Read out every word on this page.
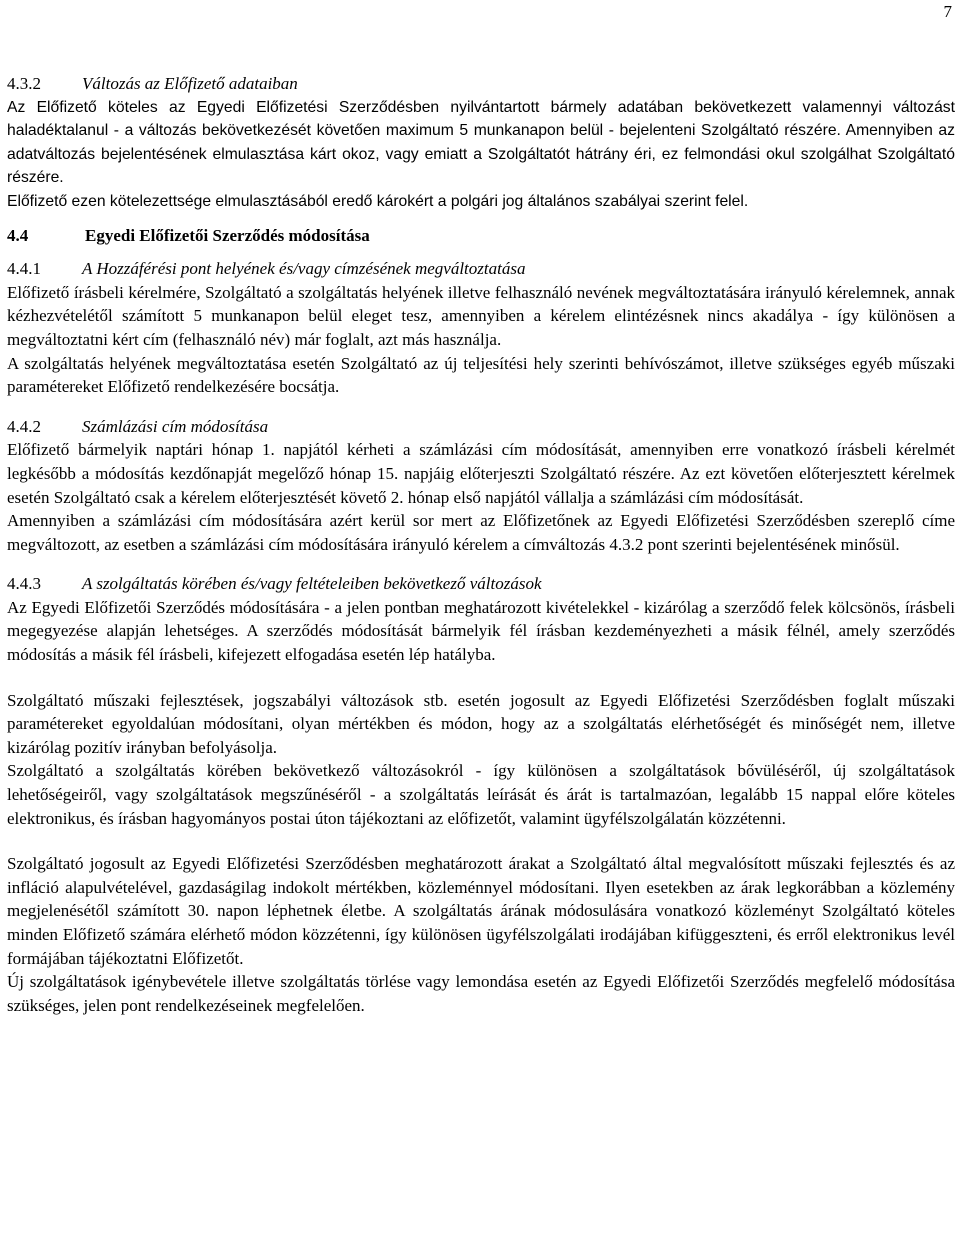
7
4.3.2	Változás az Előfizető adataiban

Az Előfizető köteles az Egyedi Előfizetési Szerződésben nyilvántartott bármely adatában bekövetkezett valamennyi változást haladéktalanul - a változás bekövetkezését követően maximum 5 munkanapon belül - bejelenteni Szolgáltató részére. Amennyiben az adatváltozás bejelentésének elmulasztása kárt okoz, vagy emiatt a Szolgáltatót hátrány éri, ez felmondási okul szolgálhat Szolgáltató részére.

Előfizető ezen kötelezettsége elmulasztásából eredő károkért a polgári jog általános szabályai szerint felel.

4.4	Egyedi Előfizetői Szerződés módosítása
4.4.1	A Hozzáférési pont helyének és/vagy címzésének megváltoztatása

Előfizető írásbeli kérelmére, Szolgáltató a szolgáltatás helyének illetve felhasználó nevének megváltoztatására irányuló kérelemnek, annak kézhezvételétől számított 5 munkanapon belül eleget tesz, amennyiben a kérelem elintézésnek nincs akadálya - így különösen a megváltoztatni kért cím (felhasználó név) már foglalt, azt más használja.

A szolgáltatás helyének megváltoztatása esetén Szolgáltató az új teljesítési hely szerinti behívószámot, illetve szükséges egyéb műszaki paramétereket Előfizető rendelkezésére bocsátja.

4.4.2	Számlázási cím módosítása

Előfizető bármelyik naptári hónap 1. napjától kérheti a számlázási cím módosítását, amennyiben erre vonatkozó írásbeli kérelmét legkésőbb a módosítás kezdőnapját megelőző hónap 15. napjáig előterjeszti Szolgáltató részére. Az ezt követően előterjesztett kérelmek esetén Szolgáltató csak a kérelem előterjesztését követő 2. hónap első napjától vállalja a számlázási cím módosítását.

Amennyiben a számlázási cím módosítására azért kerül sor mert az Előfizetőnek az Egyedi Előfizetési Szerződésben szereplő címe megváltozott, az esetben a számlázási cím módosítására irányuló kérelem a címváltozás 4.3.2 pont szerinti bejelentésének minősül.

4.4.3	A szolgáltatás körében és/vagy feltételeiben bekövetkező változások

Az Egyedi Előfizetői Szerződés módosítására - a jelen pontban meghatározott kivételekkel - kizárólag a szerződő felek kölcsönös, írásbeli megegyezése alapján lehetséges. A szerződés módosítását bármelyik fél írásban kezdeményezheti a másik félnél, amely szerződés módosítás a másik fél írásbeli, kifejezett elfogadása esetén lép hatályba.

Szolgáltató műszaki fejlesztések, jogszabályi változások stb. esetén jogosult az Egyedi Előfizetési Szerződésben foglalt műszaki paramétereket egyoldalúan módosítani, olyan mértékben és módon, hogy az a szolgáltatás elérhetőségét és minőségét nem, illetve kizárólag pozitív irányban befolyásolja.

Szolgáltató a szolgáltatás körében bekövetkező változásokról - így különösen a szolgáltatások bővüléséről, új szolgáltatások lehetőségeiről, vagy szolgáltatások megszűnéséről - a szolgáltatás leírását és árát is tartalmazóan, legalább 15 nappal előre köteles elektronikus, és írásban hagyományos postai úton tájékoztani az előfizetőt, valamint ügyfélszolgálatán közzétenni.

Szolgáltató jogosult az Egyedi Előfizetési Szerződésben meghatározott árakat a Szolgáltató által megvalósított műszaki fejlesztés és az infláció alapulvételével, gazdaságilag indokolt mértékben, közleménnyel módosítani. Ilyen esetekben az árak legkorábban a közlemény megjelenésétől számított 30. napon léphetnek életbe. A szolgáltatás árának módosulására vonatkozó közleményt Szolgáltató köteles minden Előfizető számára elérhető módon közzétenni, így különösen ügyfélszolgálati irodájában kifüggeszteni, és erről elektronikus levél formájában tájékoztatni Előfizetőt.

Új szolgáltatások igénybevétele illetve szolgáltatás törlése vagy lemondása esetén az Egyedi Előfizetői Szerződés megfelelő módosítása szükséges, jelen pont rendelkezéseinek megfelelően.
